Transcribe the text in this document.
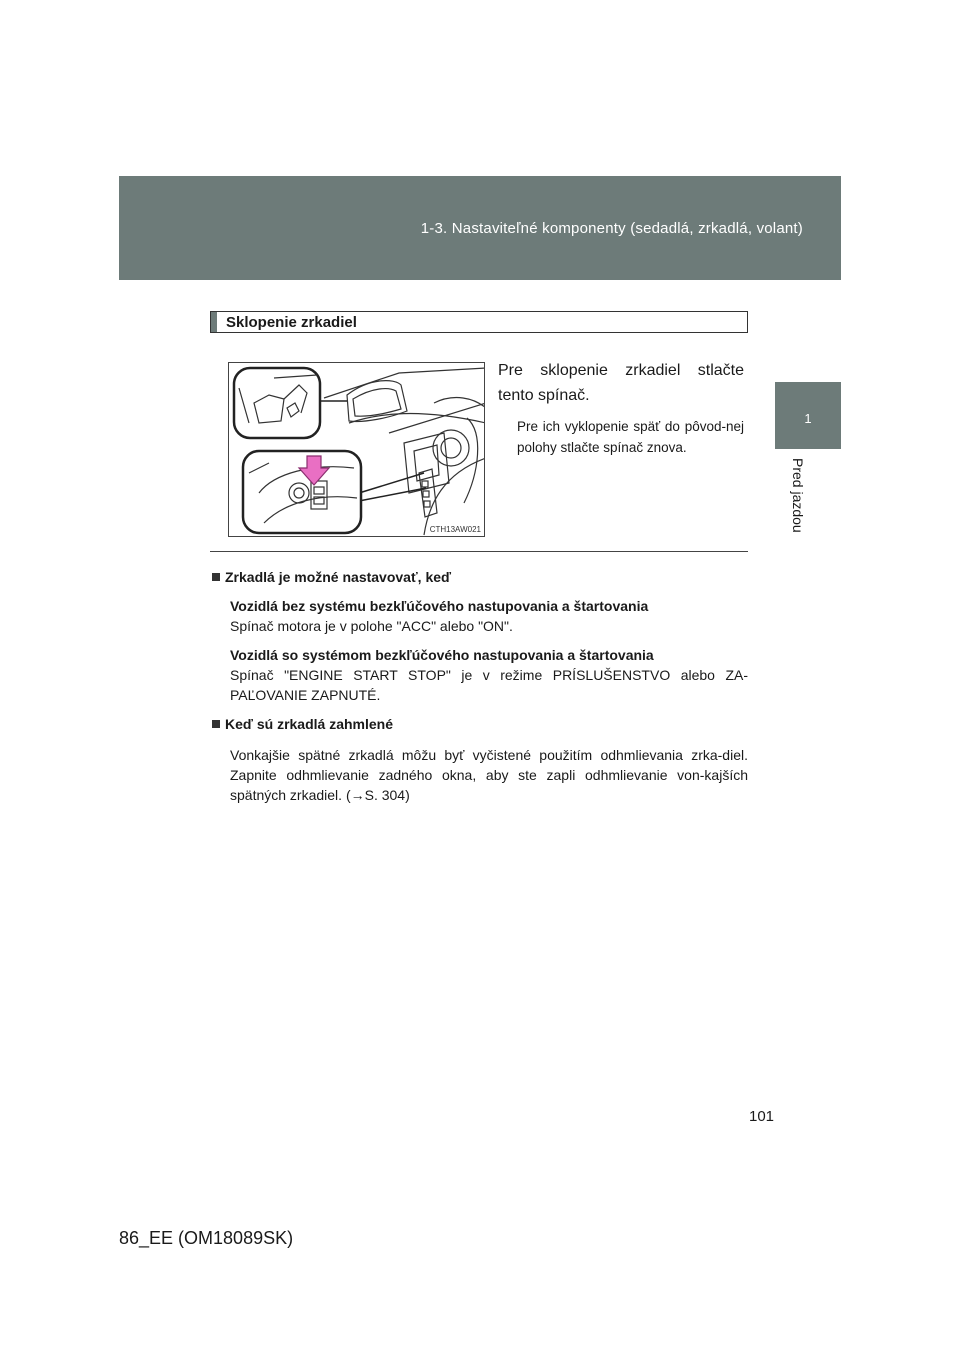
1-3. Nastaviteľné komponenty (sedadlá, zrkadlá, volant)
1
Pred jazdou
Sklopenie zrkadiel
CTH13AW021
Pre sklopenie zrkadiel stlačte tento spínač.
Pre ich vyklopenie späť do pôvod-nej polohy stlačte spínač znova.
Zrkadlá je možné nastavovať, keď

Vozidlá bez systému bezkľúčového nastupovania a štartovania

Spínač motora je v polohe "ACC" alebo "ON".

Vozidlá so systémom bezkľúčového nastupovania a štartovania

Spínač "ENGINE START STOP" je v režime PRÍSLUŠENSTVO alebo ZA-PAĽOVANIE ZAPNUTÉ.

Keď sú zrkadlá zahmlené

Vonkajšie spätné zrkadlá môžu byť vyčistené použitím odhmlievania zrka-diel. Zapnite odhmlievanie zadného okna, aby ste zapli odhmlievanie von-kajších spätných zrkadiel. (→S. 304)

101
86_EE (OM18089SK)
